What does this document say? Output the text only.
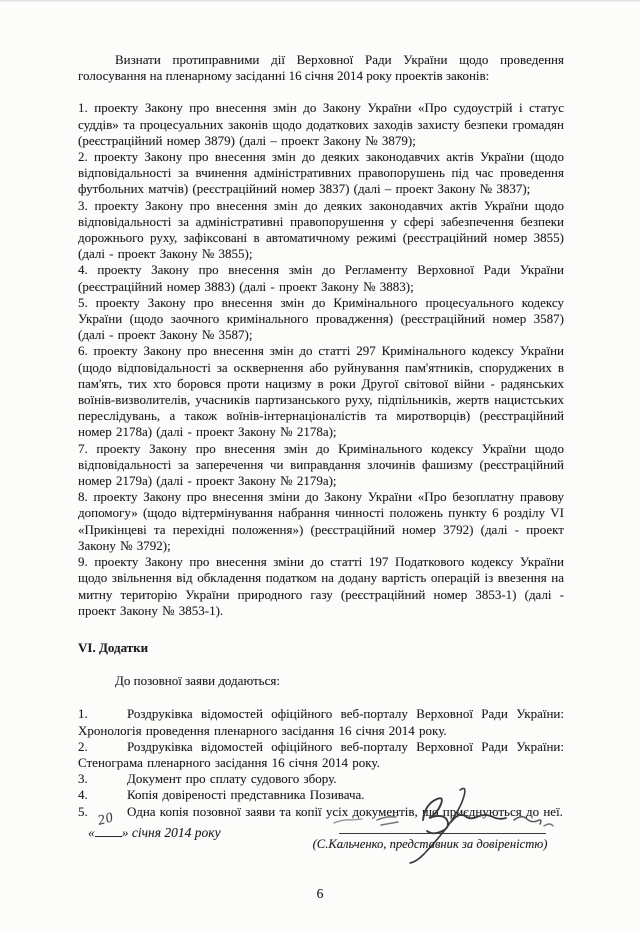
Визнати протиправними дії Верховної Ради України щодо проведення голосування на пленарному засіданні 16 січня 2014 року проектів законів:

1. проекту Закону про внесення змін до Закону України «Про судоустрій і статус суддів» та процесуальних законів щодо додаткових заходів захисту безпеки громадян (реєстраційний номер 3879) (далі – проект Закону № 3879);

2. проекту Закону про внесення змін до деяких законодавчих актів України (щодо відповідальності за вчинення адміністративних правопорушень під час проведення футбольних матчів) (реєстраційний номер 3837) (далі – проект Закону № 3837);

3. проекту Закону про внесення змін до деяких законодавчих актів України щодо відповідальності за адміністративні правопорушення у сфері забезпечення безпеки дорожнього руху, зафіксовані в автоматичному режимі (реєстраційний номер 3855) (далі - проект Закону № 3855);

4. проекту Закону про внесення змін до Регламенту Верховної Ради України (реєстраційний номер 3883) (далі - проект Закону № 3883);

5. проекту Закону про внесення змін до Кримінального процесуального кодексу України (щодо заочного кримінального провадження) (реєстраційний номер 3587) (далі - проект Закону № 3587);

6. проекту Закону про внесення змін до статті 297 Кримінального кодексу України (щодо відповідальності за осквернення або руйнування пам'ятників, споруджених в пам'ять, тих хто боровся проти нацизму в роки Другої світової війни - радянських воїнів-визволителів, учасників партизанського руху, підпільників, жертв нацистських переслідувань, а також воїнів-інтернаціоналістів та миротворців) (реєстраційний номер 2178а) (далі - проект Закону № 2178а);

7. проекту Закону про внесення змін до Кримінального кодексу України щодо відповідальності за заперечення чи виправдання злочинів фашизму (реєстраційний номер 2179а) (далі - проект Закону № 2179а);

8. проекту Закону про внесення зміни до Закону України «Про безоплатну правову допомогу» (щодо відтермінування набрання чинності положень пункту 6 розділу VI «Прикінцеві та перехідні положення») (реєстраційний номер 3792) (далі - проект Закону № 3792);

9. проекту Закону про внесення зміни до статті 197 Податкового кодексу України щодо звільнення від обкладення податком на додану вартість операцій із ввезення на митну територію України природного газу (реєстраційний номер 3853-1) (далі - проект Закону № 3853-1).

VI. Додатки

До позовної заяви додаються:

1.	Роздруківка відомостей офіційного веб-порталу Верховної Ради України: Хронологія проведення пленарного засідання 16 січня 2014 року.

2.	Роздруківка відомостей офіційного веб-порталу Верховної Ради України: Стенограма пленарного засідання 16 січня 2014 року.

3.	Документ про сплату судового збору.

4.	Копія довіреності представника Позивача.

5.	Одна копія позовної заяви та копії усіх документів, що приєднуються до неї.

«
20
» січня 2014 року
(С.Кальченко, представник за довіреністю)
6
